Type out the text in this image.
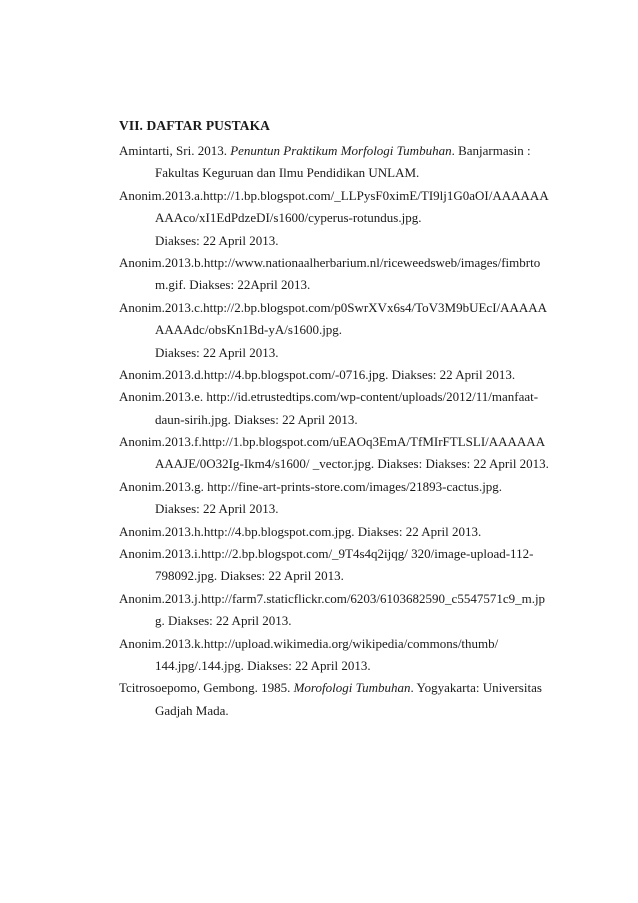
VII. DAFTAR PUSTAKA
Amintarti, Sri. 2013. Penuntun Praktikum Morfologi Tumbuhan. Banjarmasin :
Fakultas Keguruan dan Ilmu Pendidikan UNLAM.
Anonim.2013.a.http://1.bp.blogspot.com/_LLPysF0ximE/TI9lj1G0aOI/AAAAAA
AAAco/xI1EdPdzeDI/s1600/cyperus-rotundus.jpg.
Diakses: 22 April 2013.
Anonim.2013.b.http://www.nationaalherbarium.nl/riceweedsweb/images/fimbrto
m.gif. Diakses: 22April 2013.
Anonim.2013.c.http://2.bp.blogspot.com/p0SwrXVx6s4/ToV3M9bUEcI/AAAAA
AAAAdc/obsKn1Bd-yA/s1600.jpg.
Diakses: 22 April 2013.
Anonim.2013.d.http://4.bp.blogspot.com/-0716.jpg. Diakses: 22 April 2013.
Anonim.2013.e. http://id.etrustedtips.com/wp-content/uploads/2012/11/manfaat-
daun-sirih.jpg. Diakses: 22 April 2013.
Anonim.2013.f.http://1.bp.blogspot.com/uEAOq3EmA/TfMIrFTLSLI/AAAAAA
AAAJE/0O32Ig-Ikm4/s1600/ _vector.jpg. Diakses: Diakses: 22 April 2013.
Anonim.2013.g. http://fine-art-prints-store.com/images/21893-cactus.jpg.
Diakses: 22 April 2013.
Anonim.2013.h.http://4.bp.blogspot.com.jpg. Diakses: 22 April 2013.
Anonim.2013.i.http://2.bp.blogspot.com/_9T4s4q2ijqg/ 320/image-upload-112-
798092.jpg. Diakses: 22 April 2013.
Anonim.2013.j.http://farm7.staticflickr.com/6203/6103682590_c5547571c9_m.jp
g. Diakses: 22 April 2013.
Anonim.2013.k.http://upload.wikimedia.org/wikipedia/commons/thumb/
144.jpg/.144.jpg. Diakses: 22 April 2013.
Tcitrosoepomo, Gembong. 1985. Morofologi Tumbuhan. Yogyakarta: Universitas
Gadjah Mada.
